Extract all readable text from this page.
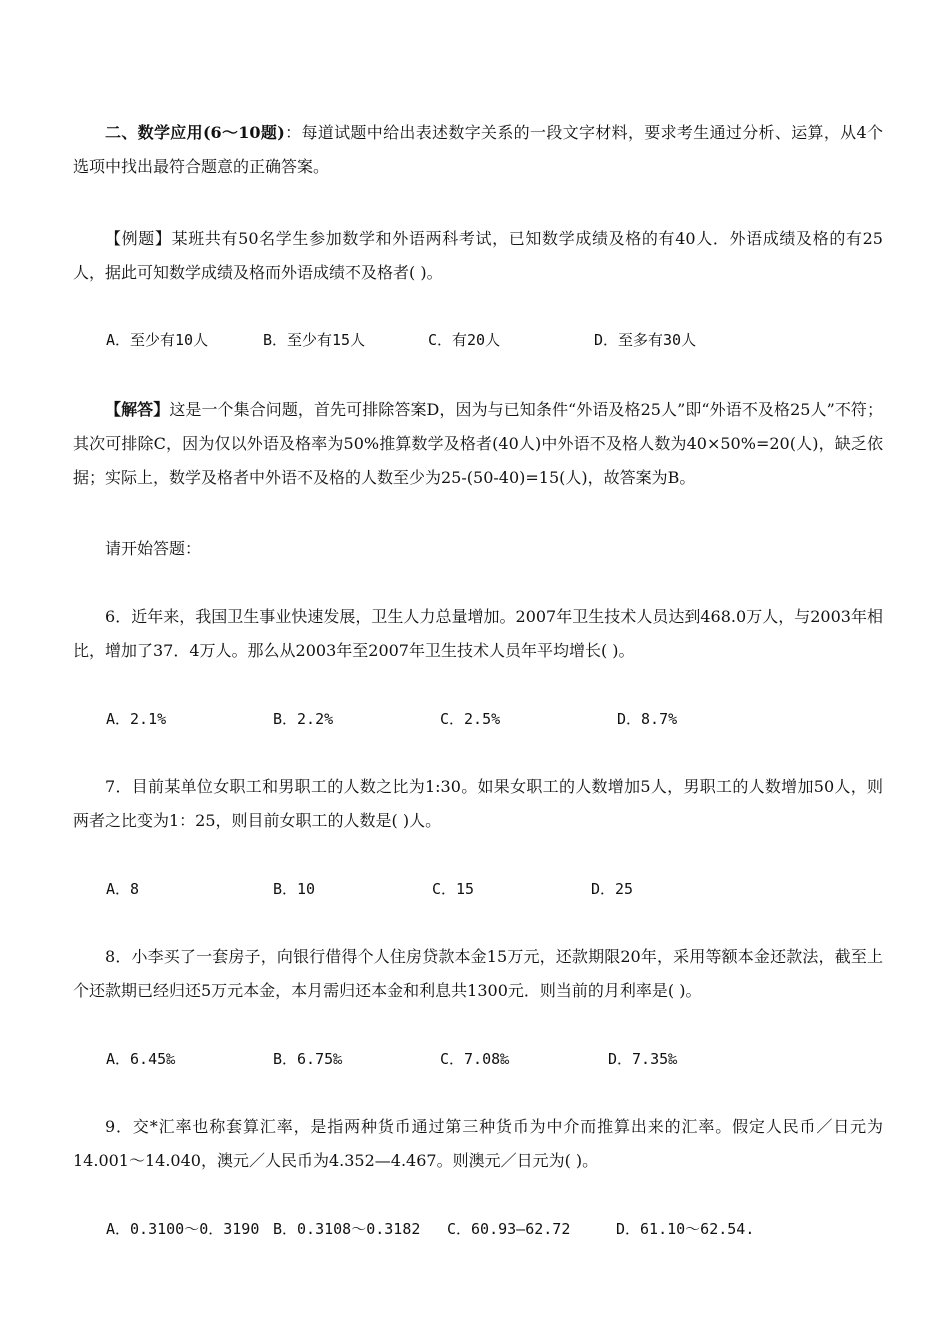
二、数学应用(6～10题)：每道试题中给出表述数字关系的一段文字材料，要求考生通过分析、运算，从4个选项中找出最符合题意的正确答案。

【例题】某班共有50名学生参加数学和外语两科考试，已知数学成绩及格的有40人．外语成绩及格的有25人，据此可知数学成绩及格而外语成绩不及格者( )。

A．至少有10人	B．至少有15人	C．有20人	D．至多有30人

【解答】这是一个集合问题，首先可排除答案D，因为与已知条件“外语及格25人”即“外语不及格25人”不符；其次可排除C，因为仅以外语及格率为50%推算数学及格者(40人)中外语不及格人数为40×50%=20(人)，缺乏依据；实际上，数学及格者中外语不及格的人数至少为25-(50-40)=15(人)，故答案为B。

请开始答题：

6．近年来，我国卫生事业快速发展，卫生人力总量增加。2007年卫生技术人员达到468.0万人，与2003年相比，增加了37．4万人。那么从2003年至2007年卫生技术人员年平均增长( )。

A．2.1%	B．2.2%	C．2.5%	D．8.7%

7．目前某单位女职工和男职工的人数之比为1:30。如果女职工的人数增加5人，男职工的人数增加50人，则两者之比变为1：25，则目前女职工的人数是( )人。

A．8	B．10	C．15	D．25

8．小李买了一套房子，向银行借得个人住房贷款本金15万元，还款期限20年，采用等额本金还款法，截至上个还款期已经归还5万元本金，本月需归还本金和利息共1300元．则当前的月利率是( )。

A．6.45‰	B．6.75‰	C．7.08‰	D．7.35‰

9．交*汇率也称套算汇率，是指两种货币通过第三种货币为中介而推算出来的汇率。假定人民币／日元为14.001～14.040，澳元／人民币为4.352—4.467。则澳元／日元为( )。

A．0.3100～0．3190 B．0.3108～0.3182 C．60.93—62.72	D．61.10～62.54.
